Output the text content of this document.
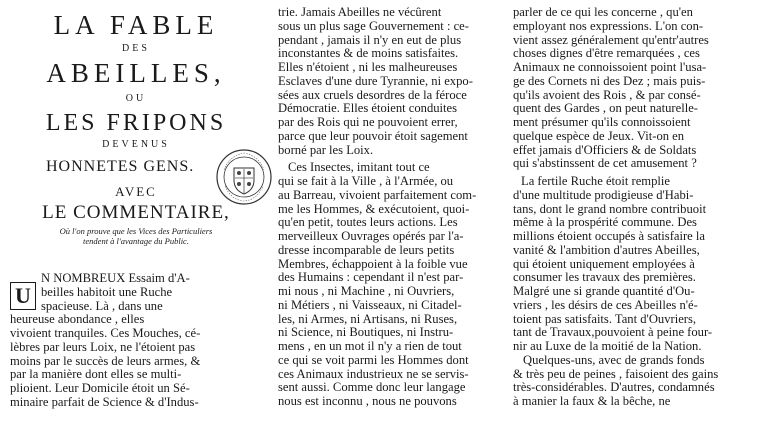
LA FABLE
DES
ABEILLES,
OU
LES FRIPONS
DEVENUS
HONNETES GENS.
AVEC
LE COMMENTAIRE,
Où l'on prouve que les Vices des Particuliers
tendent à l'avantage du Public.
U
N NOMBREUX Essaim d'A-
beilles habitoit une Ruche
spacieuse. Là , dans une
heureuse abondance , elles
vivoient tranquiles. Ces Mouches, cé-
lèbres par leurs Loix, ne l'étoient pas
moins par le succès de leurs armes, &
par la manière dont elles se multi-
plioient. Leur Domicile étoit un Sé-
minaire parfait de Science & d'Indus-
trie. Jamais Abeilles ne vécûrent
sous un plus sage Gouvernement : ce-
pendant , jamais il n'y en eut de plus
inconstantes & de moins satisfaites.
Elles n'étoient , ni les malheureuses
Esclaves d'une dure Tyrannie, ni expo-
sées aux cruels desordres de la féroce
Démocratie. Elles étoient conduites
par des Rois qui ne pouvoient errer,
parce que leur pouvoir étoit sagement
borné par les Loix.
Ces Insectes, imitant tout ce
qui se fait à la Ville , à l'Armée, ou
au Barreau, vivoient parfaitement com-
me les Hommes, & exécutoient, quoi-
qu'en petit, toutes leurs actions. Les
merveilleux Ouvrages opérés par l'a-
dresse incomparable de leurs petits
Membres, échappoient à la foible vue
des Humains : cependant il n'est par-
mi nous , ni Machine , ni Ouvriers,
ni Métiers , ni Vaisseaux, ni Citadel-
les, ni Armes, ni Artisans, ni Ruses,
ni Science, ni Boutiques, ni Instru-
mens , en un mot il n'y a rien de tout
ce qui se voit parmi les Hommes dont
ces Animaux industrieux ne se servis-
sent aussi. Comme donc leur langage
nous est inconnu , nous ne pouvons
parler de ce qui les concerne , qu'en
employant nos expressions. L'on con-
vient assez généralement qu'entr'autres
choses dignes d'être remarquées , ces
Animaux ne connoissoient point l'usa-
ge des Cornets ni des Dez ; mais puis-
qu'ils avoient des Rois , & par consé-
quent des Gardes , on peut naturelle-
ment présumer qu'ils connoissoient
quelque espèce de Jeux. Vit-on en
effet jamais d'Officiers & de Soldats
qui s'abstinssent de cet amusement ?
La fertile Ruche étoit remplie
d'une multitude prodigieuse d'Habi-
tans, dont le grand nombre contribuoit
même à la prospérité commune. Des
millions étoient occupés à satisfaire la
vanité & l'ambition d'autres Abeilles,
qui étoient uniquement employées à
consumer les travaux des premières.
Malgré une si grande quantité d'Ou-
vriers , les désirs de ces Abeilles n'é-
toient pas satisfaits. Tant d'Ouvriers,
tant de Travaux,pouvoient à peine four-
nir au Luxe de la moitié de la Nation.
Quelques-uns, avec de grands fonds
& très peu de peines , faisoient des gains
très-considérables. D'autres, condamnés
à manier la faux & la bêche, ne
